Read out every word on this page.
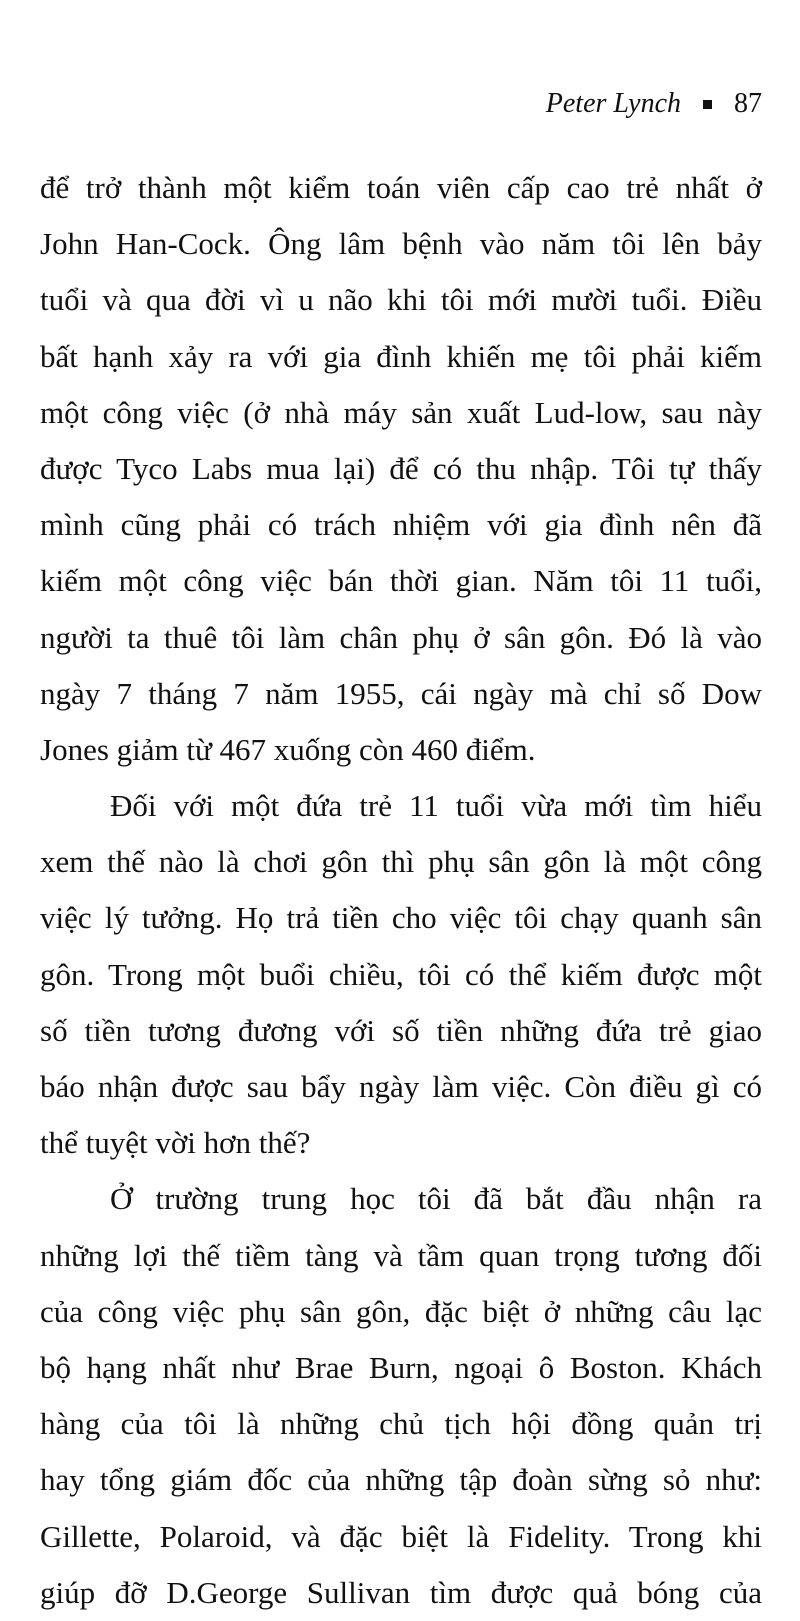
Peter Lynch 87
để trở thành một kiểm toán viên cấp cao trẻ nhất ở
John Han-Cock. Ông lâm bệnh vào năm tôi lên bảy
tuổi và qua đời vì u não khi tôi mới mười tuổi. Điều
bất hạnh xảy ra với gia đình khiến mẹ tôi phải kiếm
một công việc (ở nhà máy sản xuất Lud-low, sau này
được Tyco Labs mua lại) để có thu nhập. Tôi tự thấy
mình cũng phải có trách nhiệm với gia đình nên đã
kiếm một công việc bán thời gian. Năm tôi 11 tuổi,
người ta thuê tôi làm chân phụ ở sân gôn. Đó là vào
ngày 7 tháng 7 năm 1955, cái ngày mà chỉ số Dow
Jones giảm từ 467 xuống còn 460 điểm.
Đối với một đứa trẻ 11 tuổi vừa mới tìm hiểu
xem thế nào là chơi gôn thì phụ sân gôn là một công
việc lý tưởng. Họ trả tiền cho việc tôi chạy quanh sân
gôn. Trong một buổi chiều, tôi có thể kiếm được một
số tiền tương đương với số tiền những đứa trẻ giao
báo nhận được sau bẩy ngày làm việc. Còn điều gì có
thể tuyệt vời hơn thế?
Ở trường trung học tôi đã bắt đầu nhận ra
những lợi thế tiềm tàng và tầm quan trọng tương đối
của công việc phụ sân gôn, đặc biệt ở những câu lạc
bộ hạng nhất như Brae Burn, ngoại ô Boston. Khách
hàng của tôi là những chủ tịch hội đồng quản trị
hay tổng giám đốc của những tập đoàn sừng sỏ như:
Gillette, Polaroid, và đặc biệt là Fidelity. Trong khi
giúp đỡ D.George Sullivan tìm được quả bóng của
